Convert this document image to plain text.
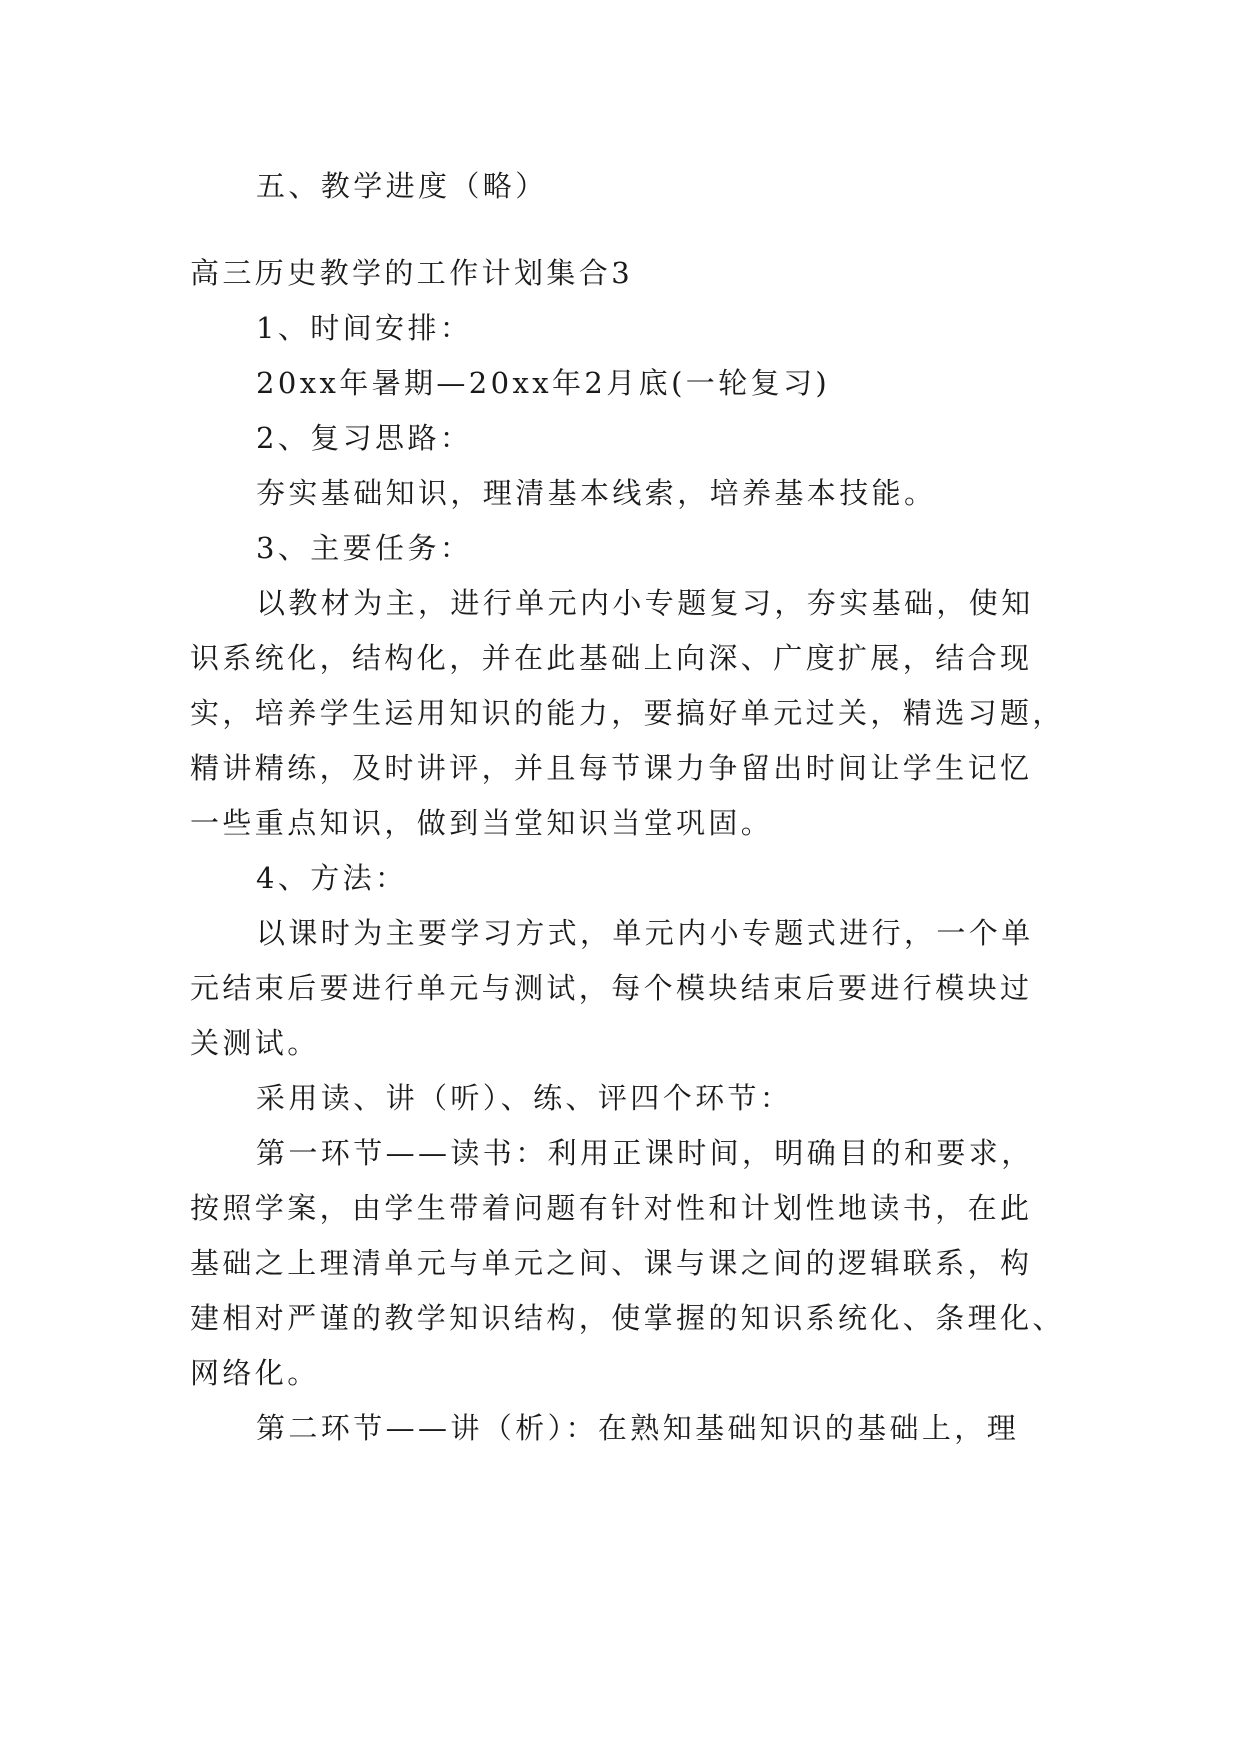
五、教学进度（略）
高三历史教学的工作计划集合3
1、时间安排：
20xx年暑期—20xx年2月底(一轮复习)
2、复习思路：
夯实基础知识，理清基本线索，培养基本技能。
3、主要任务：
以教材为主，进行单元内小专题复习，夯实基础，使知
识系统化，结构化，并在此基础上向深、广度扩展，结合现
实，培养学生运用知识的能力，要搞好单元过关，精选习题，
精讲精练，及时讲评，并且每节课力争留出时间让学生记忆
一些重点知识，做到当堂知识当堂巩固。
4、方法：
以课时为主要学习方式，单元内小专题式进行，一个单
元结束后要进行单元与测试，每个模块结束后要进行模块过
关测试。
采用读、讲（听）、练、评四个环节：
第一环节——读书：利用正课时间，明确目的和要求，
按照学案，由学生带着问题有针对性和计划性地读书，在此
基础之上理清单元与单元之间、课与课之间的逻辑联系，构
建相对严谨的教学知识结构，使掌握的知识系统化、条理化、
网络化。
第二环节——讲（析）：在熟知基础知识的基础上，理
